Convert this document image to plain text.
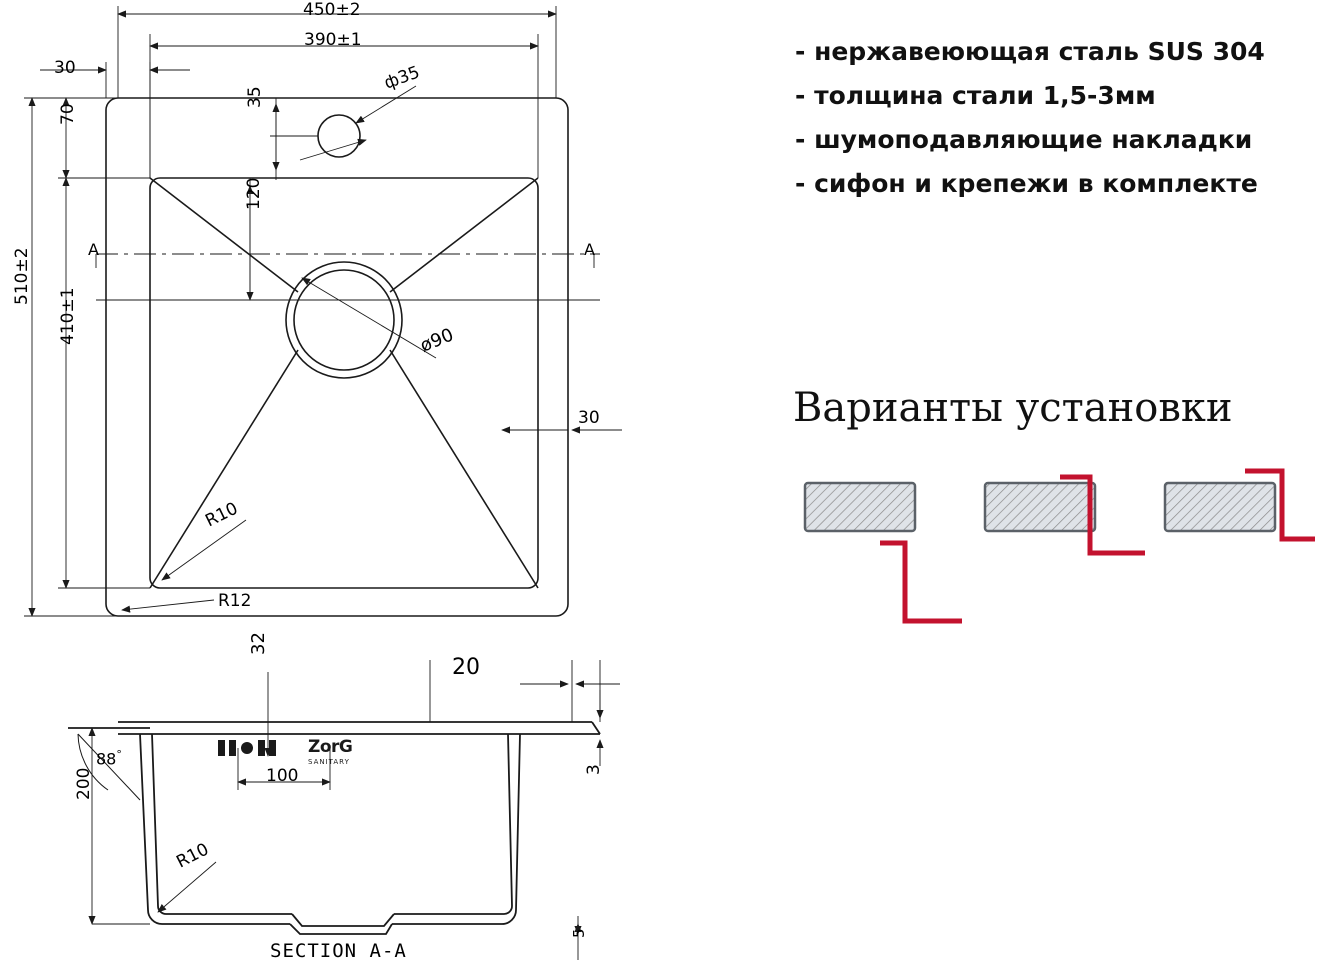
450±2
390±1
30	ф35
35
70
510±2
410±1
120
ø90
30
R10
R12
A	A
32
20
88°
100	3
200
R10
5
SECTION A-A
ZorG
SANITARY
- нержавеюющая сталь SUS 304
- толщина стали 1,5-3мм
- шумоподавляющие накладки
- сифон и крепежи в комплекте
Варианты установки
